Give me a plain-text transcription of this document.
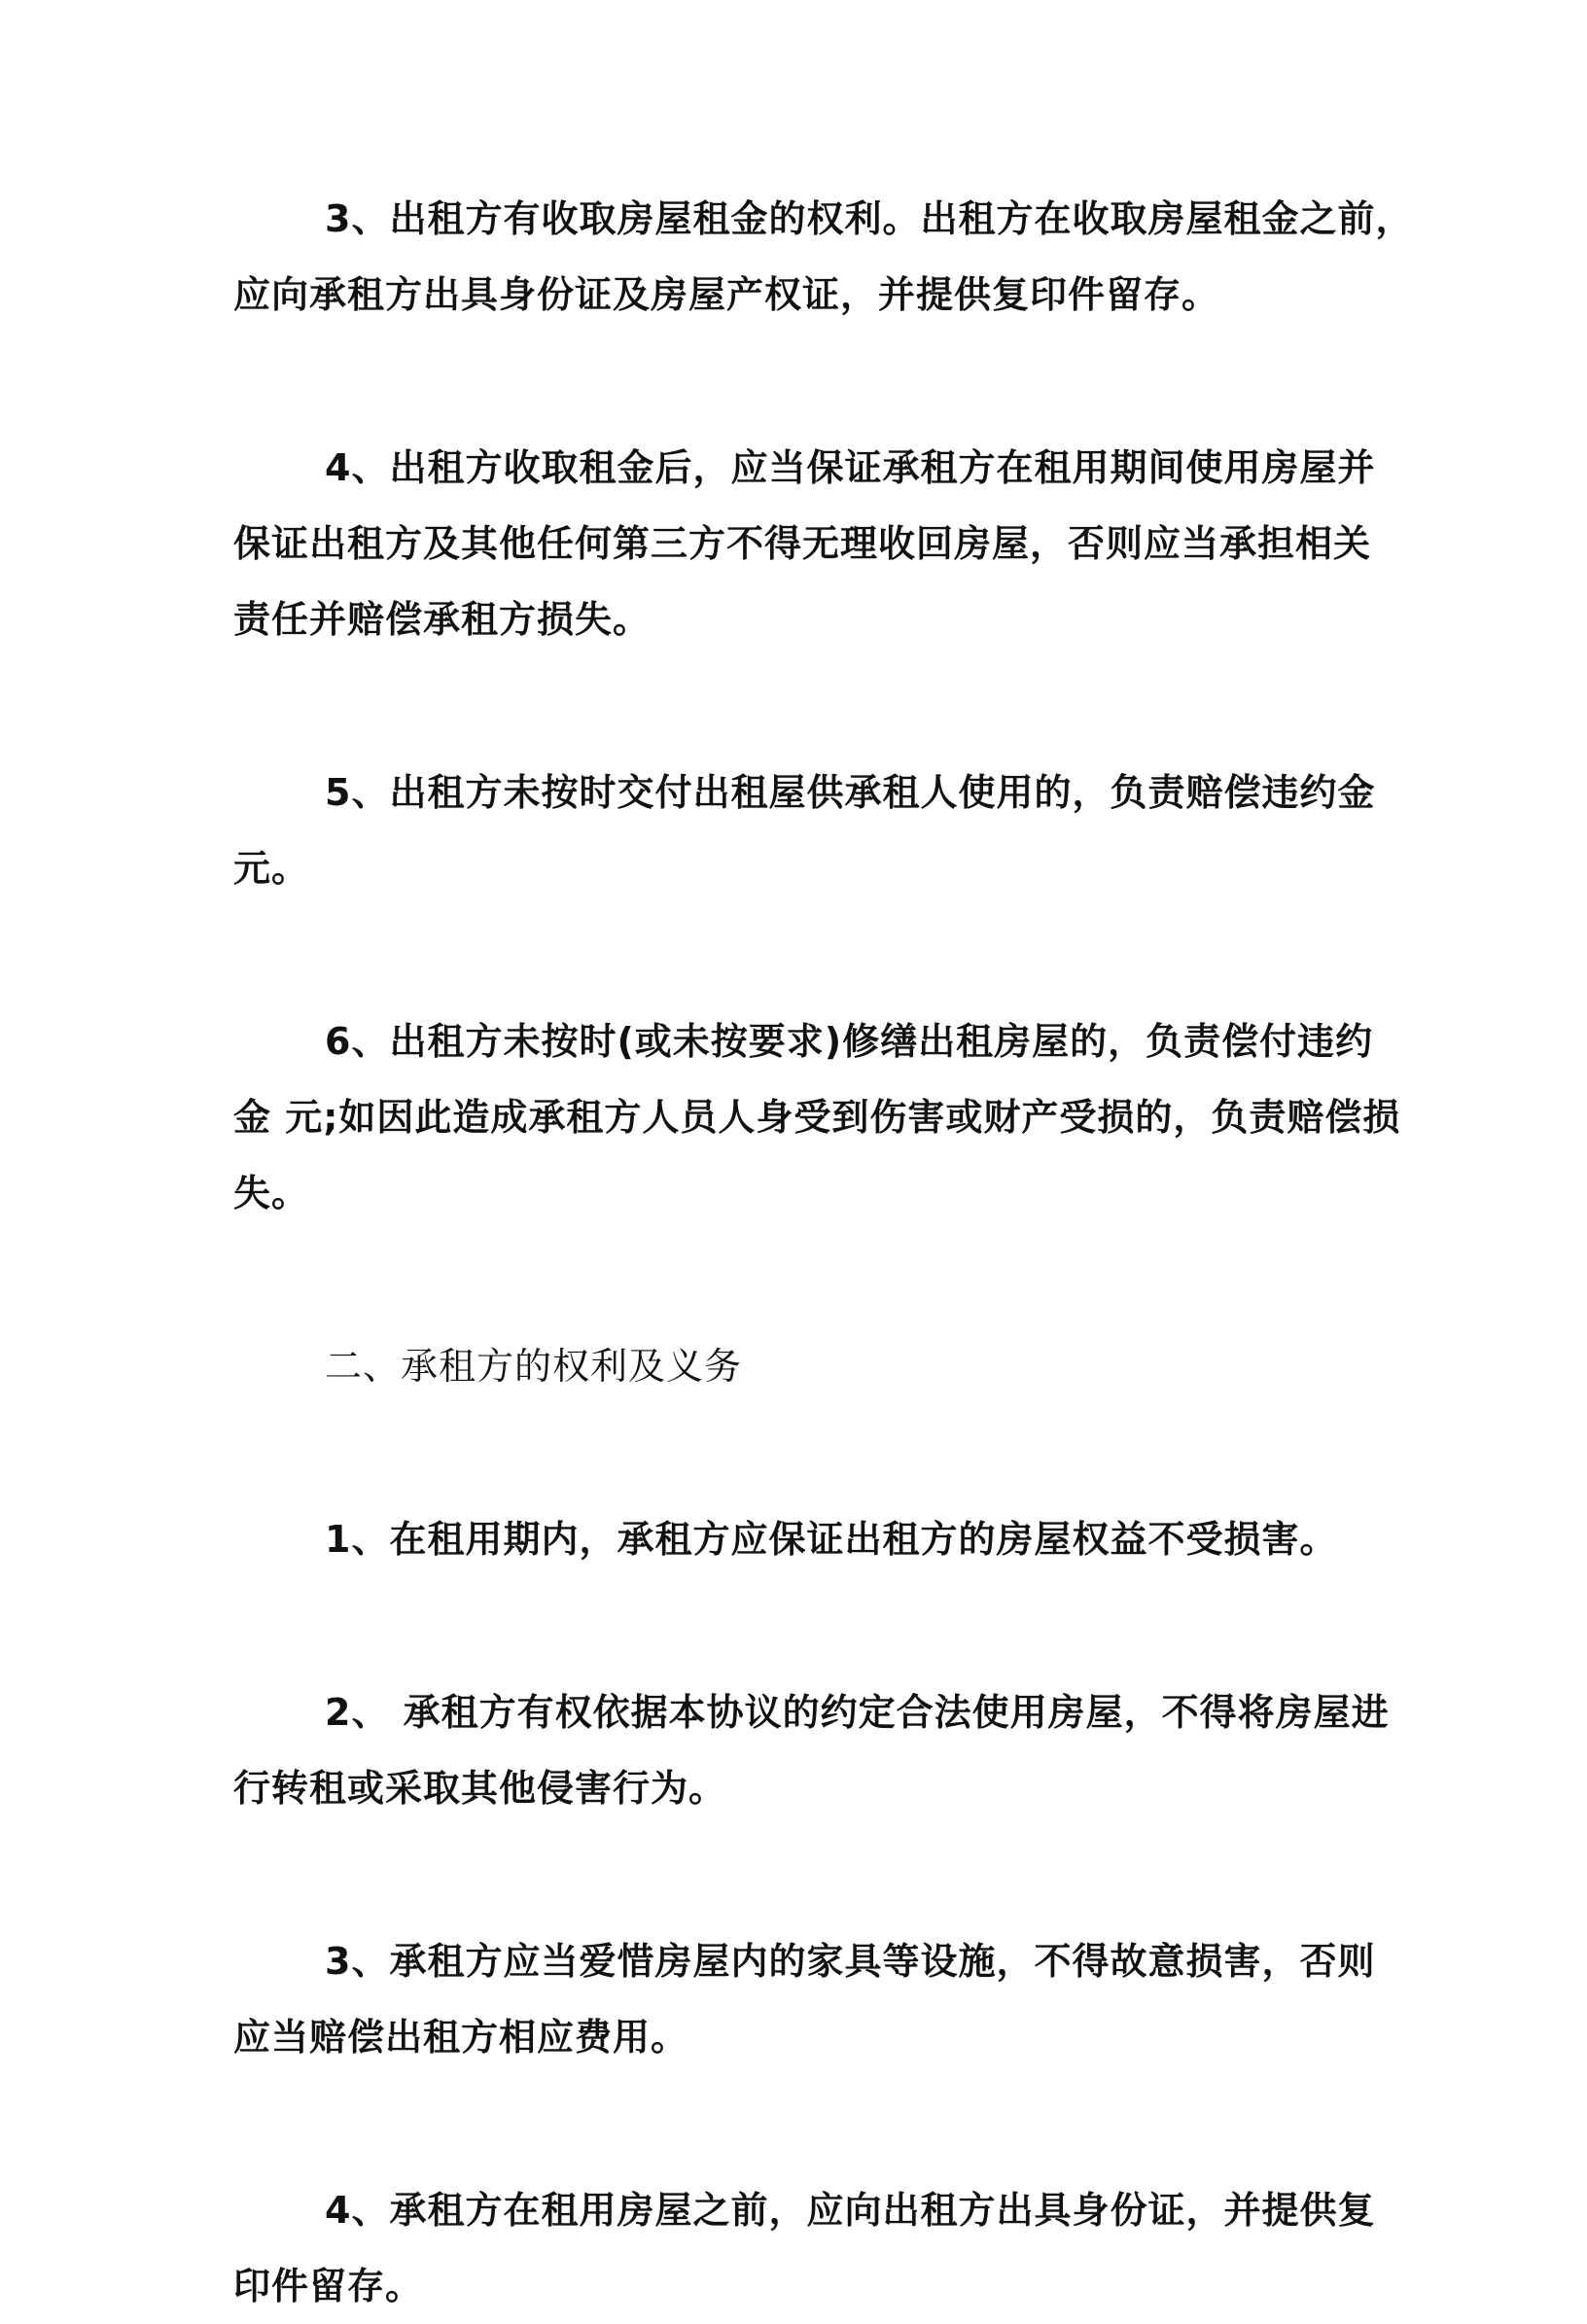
3、出租方有收取房屋租金的权利。出租方在收取房屋租金之前，
应向承租方出具身份证及房屋产权证，并提供复印件留存。

4、出租方收取租金后，应当保证承租方在租用期间使用房屋并
保证出租方及其他任何第三方不得无理收回房屋，否则应当承担相关
责任并赔偿承租方损失。

5、出租方未按时交付出租屋供承租人使用的，负责赔偿违约金
元。

6、出租方未按时(或未按要求)修缮出租房屋的，负责偿付违约
金 元;如因此造成承租方人员人身受到伤害或财产受损的，负责赔偿损
失。

二、承租方的权利及义务

1、在租用期内，承租方应保证出租方的房屋权益不受损害。

2、 承租方有权依据本协议的约定合法使用房屋，不得将房屋进
行转租或采取其他侵害行为。

3、承租方应当爱惜房屋内的家具等设施，不得故意损害，否则
应当赔偿出租方相应费用。

4、承租方在租用房屋之前，应向出租方出具身份证，并提供复
印件留存。
